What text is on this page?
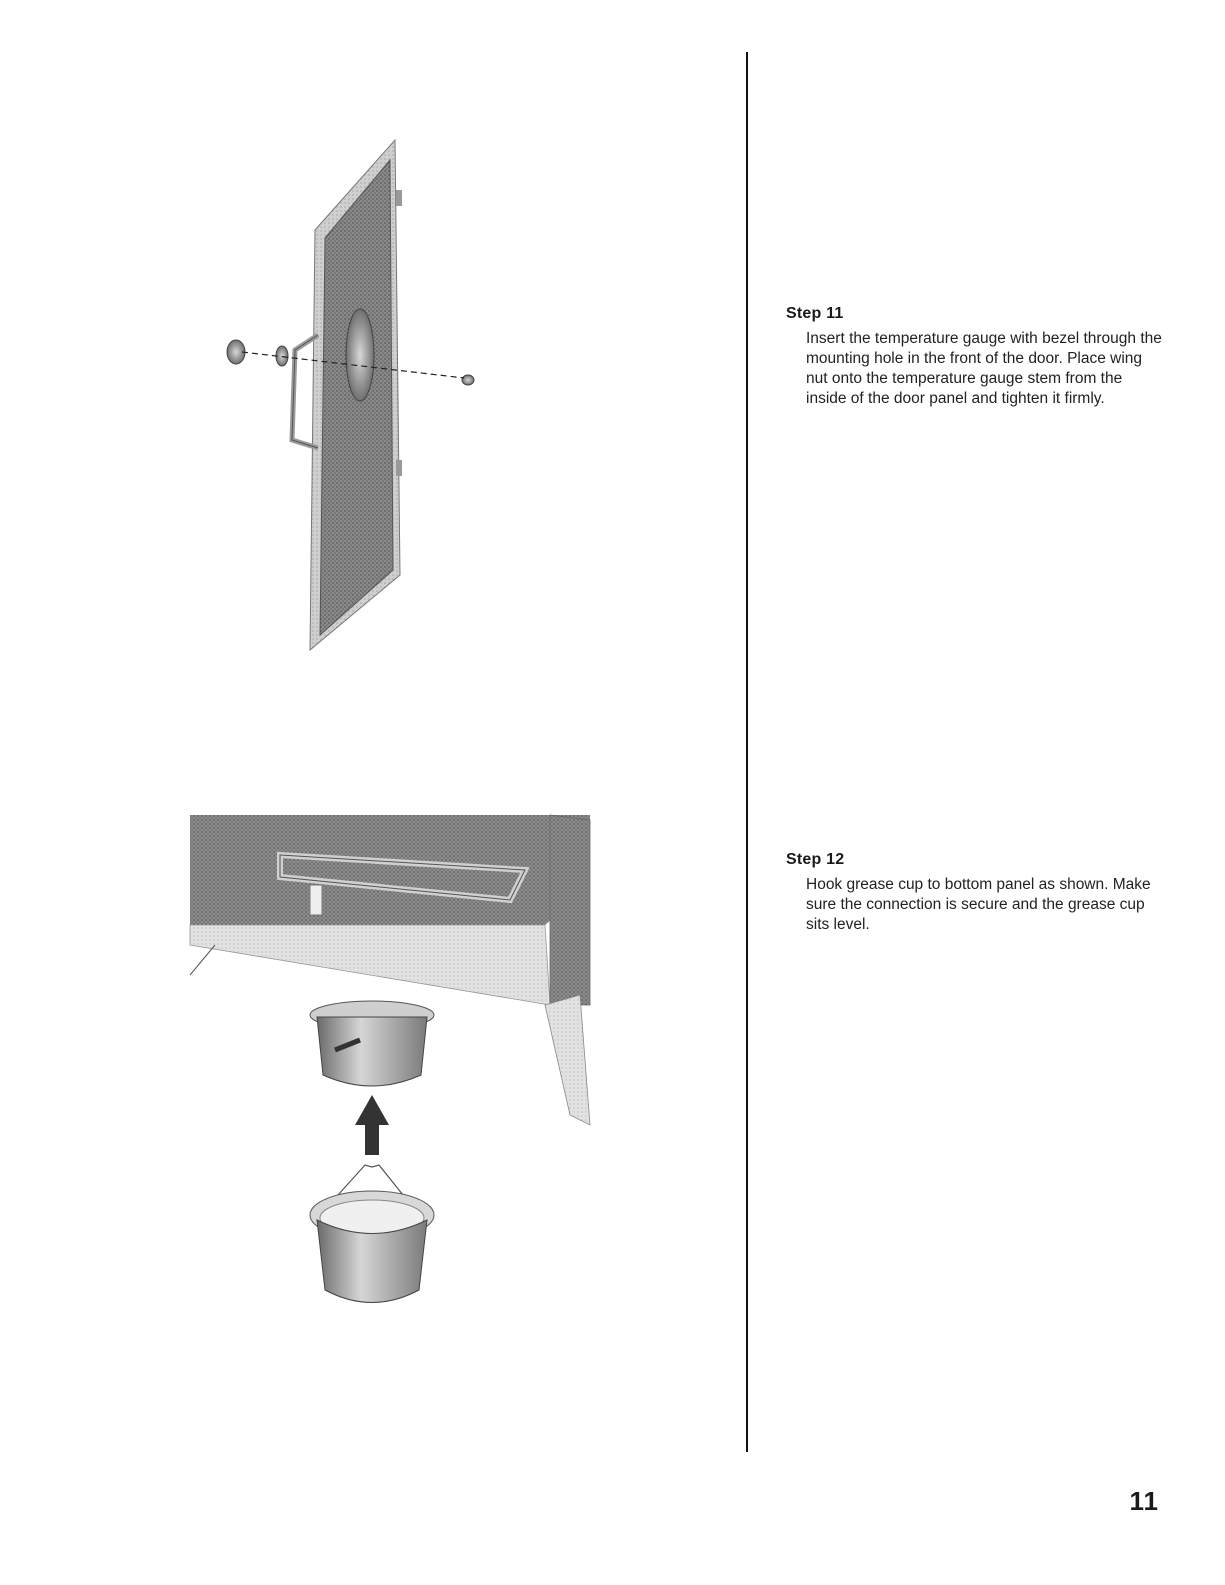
Step 11

Insert the temperature gauge with bezel through the mounting hole in the front of the door. Place wing nut onto the temperature gauge stem from the inside of the door panel and tighten it firmly.

Step 12

Hook grease cup to bottom panel as shown. Make sure the connection is secure and the grease cup sits level.

11
